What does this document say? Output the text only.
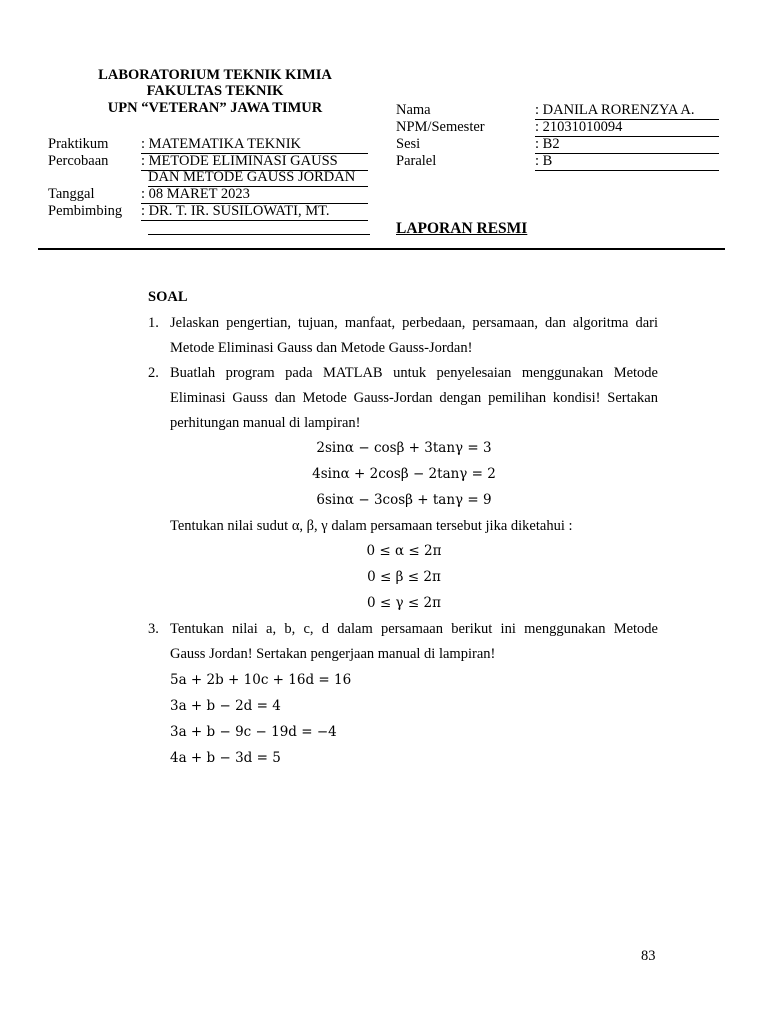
LABORATORIUM TEKNIK KIMIA
FAKULTAS TEKNIK
UPN “VETERAN” JAWA TIMUR
Praktikum : MATEMATIKA TEKNIK
Percobaan : METODE ELIMINASI GAUSS
DAN METODE GAUSS JORDAN
Tanggal	: 08 MARET 2023
Pembimbing : DR. T. IR. SUSILOWATI, MT.
Nama	: DANILA RORENZYA A.
NPM/Semester	: 21031010094
Sesi	: B2
Paralel	: B
LAPORAN RESMI
SOAL
1. Jelaskan pengertian, tujuan, manfaat, perbedaan, persamaan, dan algoritma dari
Metode Eliminasi Gauss dan Metode Gauss-Jordan!
2. Buatlah program pada MATLAB untuk penyelesaian menggunakan Metode
Eliminasi Gauss dan Metode Gauss-Jordan dengan pemilihan kondisi! Sertakan
perhitungan manual di lampiran!
2sinα − cosβ + 3tanγ = 3
4sinα + 2cosβ − 2tanγ = 2
6sinα − 3cosβ + tanγ = 9
Tentukan nilai sudut α, β, γ dalam persamaan tersebut jika diketahui :
0 ≤ α ≤ 2π
0 ≤ β ≤ 2π
0 ≤ γ ≤ 2π
3. Tentukan nilai a, b, c, d dalam persamaan berikut ini menggunakan Metode
Gauss Jordan! Sertakan pengerjaan manual di lampiran!
5a + 2b + 10c + 16d = 16
3a + b − 2d = 4
3a + b − 9c − 19d = −4
4a + b − 3d = 5
83
